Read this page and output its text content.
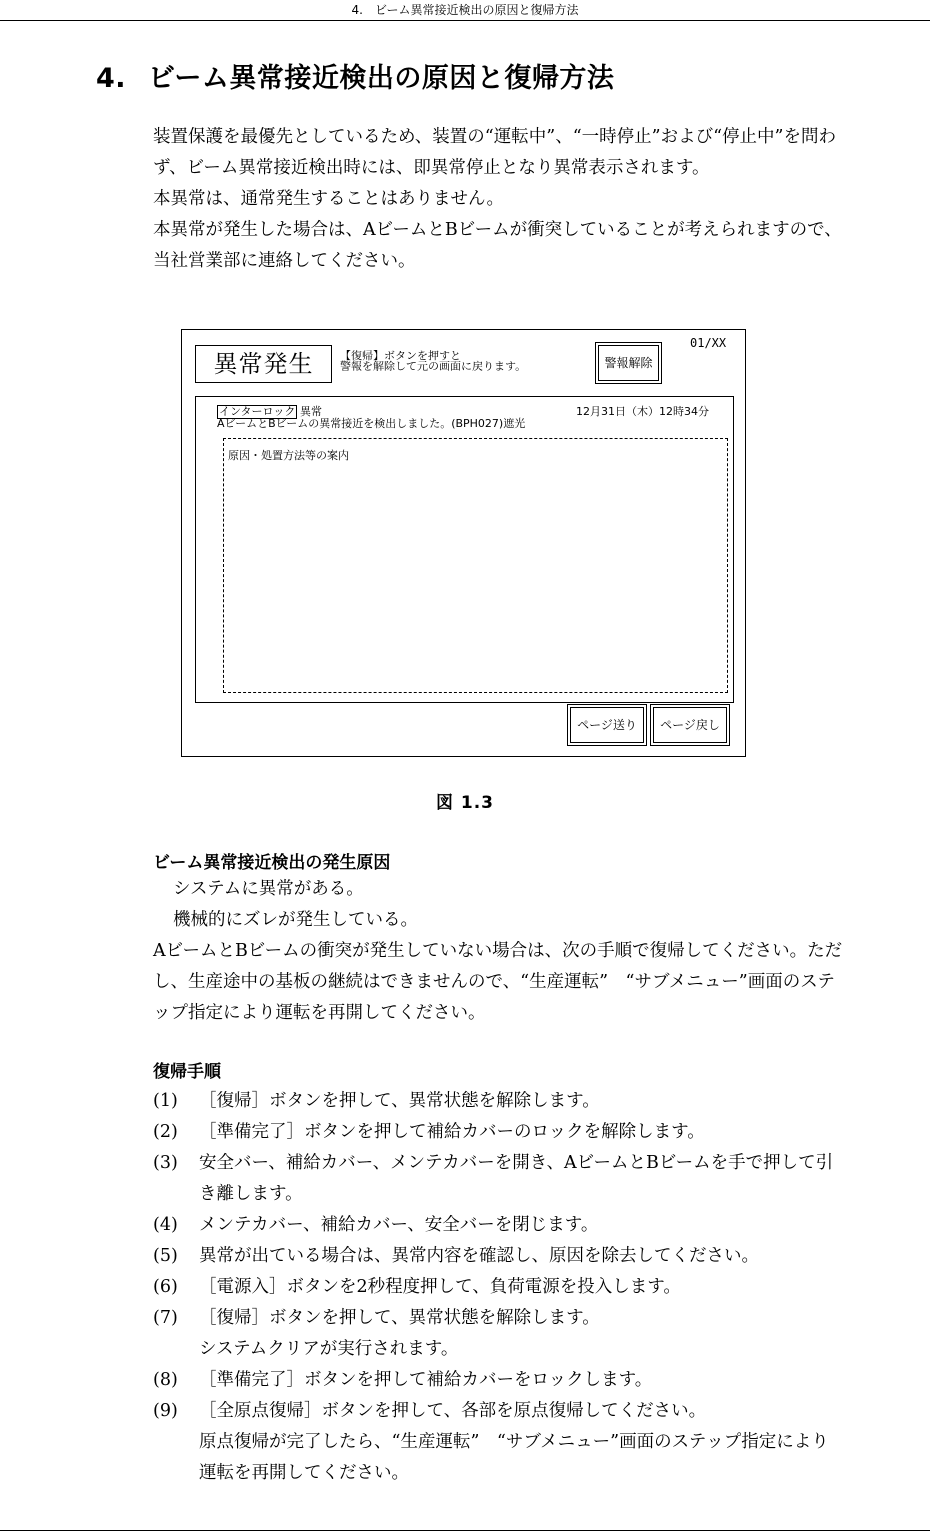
4.　ビーム異常接近検出の原因と復帰方法
4. ビーム異常接近検出の原因と復帰方法

装置保護を最優先としているため、装置の“運転中”、“一時停止”および“停止中”を問わず、ビーム異常接近検出時には、即異常停止となり異常表示されます。

本異常は、通常発生することはありません。

本異常が発生した場合は、AビームとBビームが衝突していることが考えられますので、当社営業部に連絡してください。

異常発生	【復帰】ボタンを押すと
警報を解除して元の画面に戻ります。	警報解除
01/XX
インターロック 異常	12月31日（木）12時34分
AビームとBビームの異常接近を検出しました。(BPH027)遮光
原因・処置方法等の案内
ページ送り	ページ戻し
図 1.3
ビーム異常接近検出の発生原因

システムに異常がある。

機械的にズレが発生している。

AビームとBビームの衝突が発生していない場合は、次の手順で復帰してください。ただし、生産途中の基板の継続はできませんので、“生産運転”　“サブメニュー”画面のステップ指定により運転を再開してください。

復帰手順
(1)	［復帰］ボタンを押して、異常状態を解除します。
(2)	［準備完了］ボタンを押して補給カバーのロックを解除します。
(3)	安全バー、補給カバー、メンテカバーを開き、AビームとBビームを手で押して引き離します。
(4)	メンテカバー、補給カバー、安全バーを閉じます。
(5)	異常が出ている場合は、異常内容を確認し、原因を除去してください。
(6)	［電源入］ボタンを2秒程度押して、負荷電源を投入します。
(7)	［復帰］ボタンを押して、異常状態を解除します。
システムクリアが実行されます。
(8)	［準備完了］ボタンを押して補給カバーをロックします。
(9)	［全原点復帰］ボタンを押して、各部を原点復帰してください。
原点復帰が完了したら、“生産運転”　“サブメニュー”画面のステップ指定により運転を再開してください。
